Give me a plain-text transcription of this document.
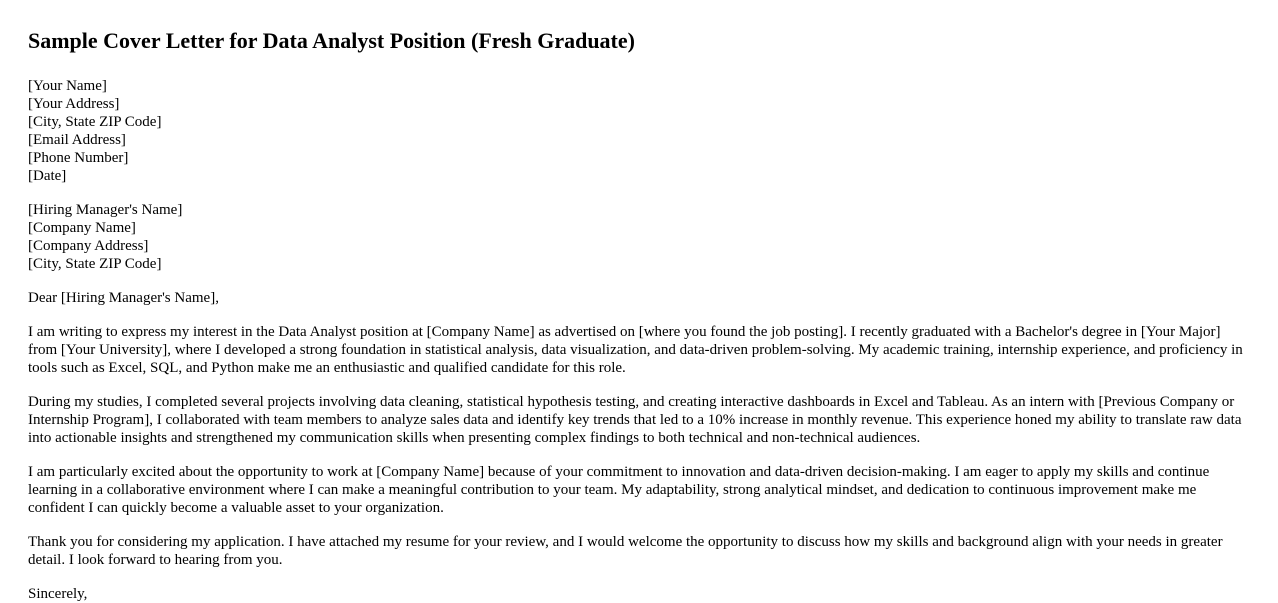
Sample Cover Letter for Data Analyst Position (Fresh Graduate)
[Your Name]
[Your Address]
[City, State ZIP Code]
[Email Address]
[Phone Number]
[Date]
[Hiring Manager's Name]
[Company Name]
[Company Address]
[City, State ZIP Code]

Dear [Hiring Manager's Name],

I am writing to express my interest in the Data Analyst position at [Company Name] as advertised on [where you found the job posting]. I recently graduated with a Bachelor's degree in [Your Major] from [Your University], where I developed a strong foundation in statistical analysis, data visualization, and data-driven problem-solving. My academic training, internship experience, and proficiency in tools such as Excel, SQL, and Python make me an enthusiastic and qualified candidate for this role.

During my studies, I completed several projects involving data cleaning, statistical hypothesis testing, and creating interactive dashboards in Excel and Tableau. As an intern with [Previous Company or Internship Program], I collaborated with team members to analyze sales data and identify key trends that led to a 10% increase in monthly revenue. This experience honed my ability to translate raw data into actionable insights and strengthened my communication skills when presenting complex findings to both technical and non-technical audiences.

I am particularly excited about the opportunity to work at [Company Name] because of your commitment to innovation and data-driven decision-making. I am eager to apply my skills and continue learning in a collaborative environment where I can make a meaningful contribution to your team. My adaptability, strong analytical mindset, and dedication to continuous improvement make me confident I can quickly become a valuable asset to your organization.

Thank you for considering my application. I have attached my resume for your review, and I would welcome the opportunity to discuss how my skills and background align with your needs in greater detail. I look forward to hearing from you.

Sincerely,
